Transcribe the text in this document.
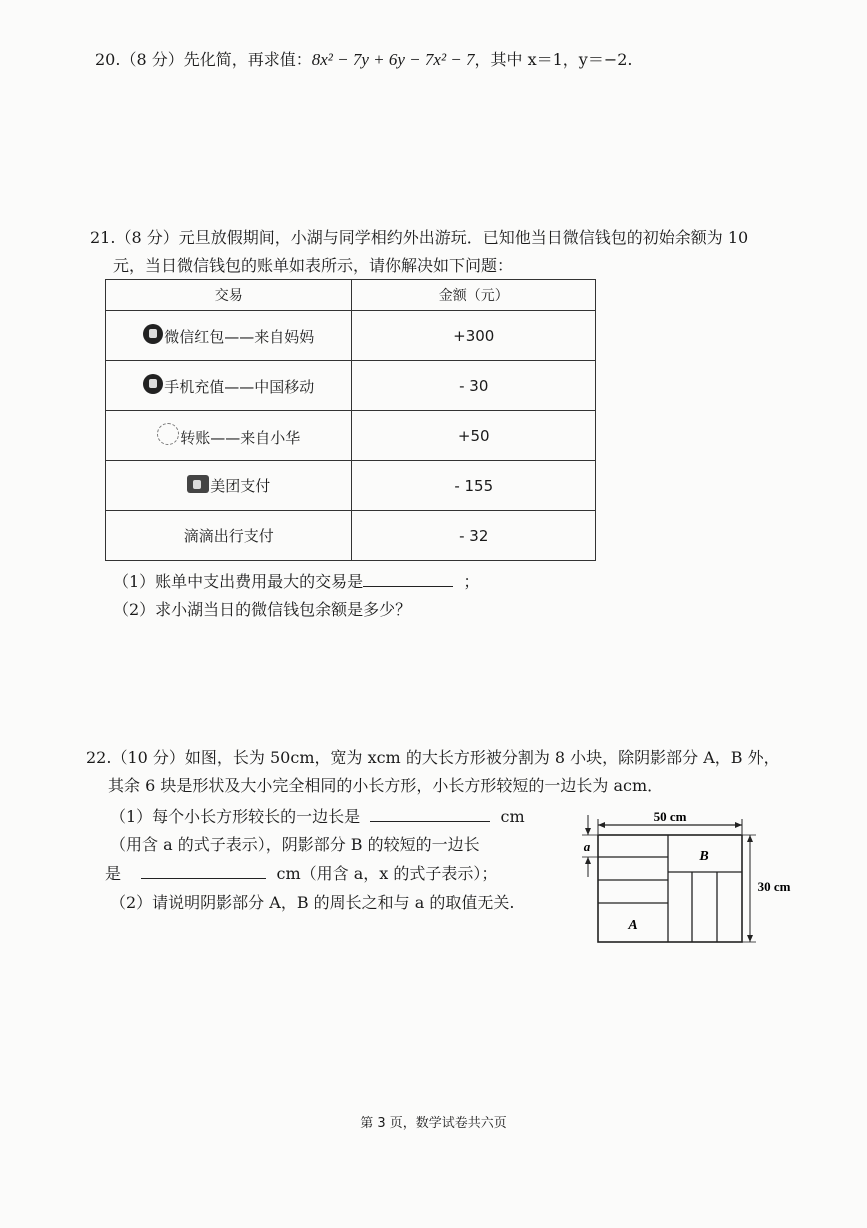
20.（8 分）先化简，再求值：8x² − 7y + 6y − 7x² − 7，其中 x＝1，y＝−2.
21.（8 分）元旦放假期间，小湖与同学相约外出游玩．已知他当日微信钱包的初始余额为 10
元，当日微信钱包的账单如表所示，请你解决如下问题：
交易	金额（元）
微信红包——来自妈妈	+300
手机充值——中国移动	- 30
转账——来自小华	+50
美团支付	- 155
滴滴出行支付	- 32
（1）账单中支出费用最大的交易是	；
（2）求小湖当日的微信钱包余额是多少？
22.（10 分）如图，长为 50cm，宽为 xcm 的大长方形被分割为 8 小块，除阴影部分 A，B 外，
其余 6 块是形状及大小完全相同的小长方形，小长方形较短的一边长为 acm．
（1）每个小长方形较长的一边长是	cm
（用含 a 的式子表示），阴影部分 B 的较短的一边长
是	cm（用含 a，x 的式子表示）；
（2）请说明阴影部分 A，B 的周长之和与 a 的取值无关.
50 cm
B
A
a
30 cm
第 3 页，数学试卷共六页
